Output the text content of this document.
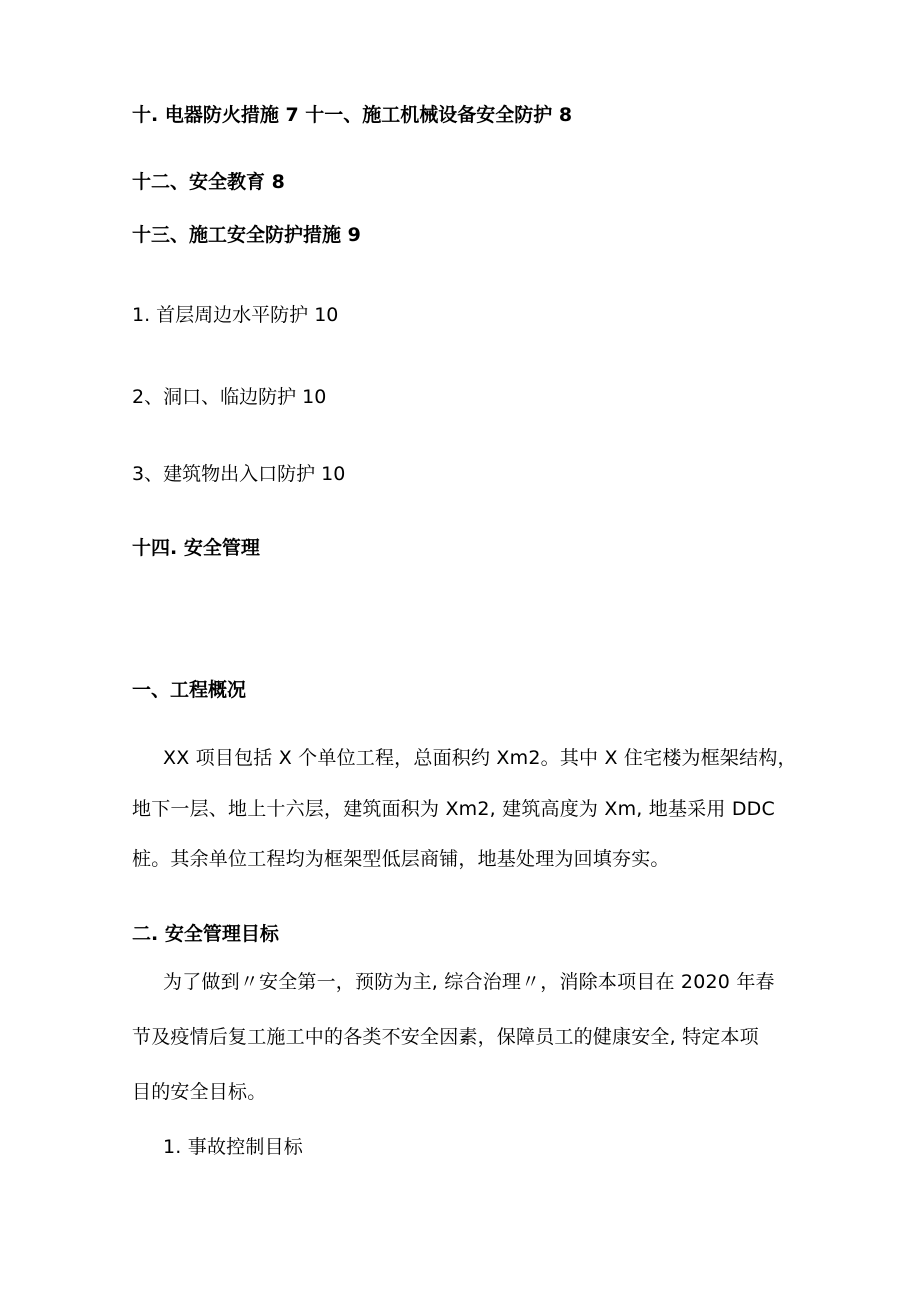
十. 电器防火措施 7 十一、施工机械设备安全防护 8
十二、安全教育 8
十三、施工安全防护措施 9
1. 首层周边水平防护 10
2、洞口、临边防护 10
3、建筑物出入口防护 10
十四. 安全管理
一、工程概况
XX 项目包括 X 个单位工程，总面积约 Xm2。其中 X 住宅楼为框架结构，
地下一层、地上十六层，建筑面积为 Xm2, 建筑高度为 Xm, 地基采用 DDC
桩。其余单位工程均为框架型低层商铺，地基处理为回填夯实。
二. 安全管理目标
为了做到〃安全第一，预防为主, 综合治理〃，消除本项目在 2020 年春
节及疫情后复工施工中的各类不安全因素，保障员工的健康安全, 特定本项
目的安全目标。
1. 事故控制目标
